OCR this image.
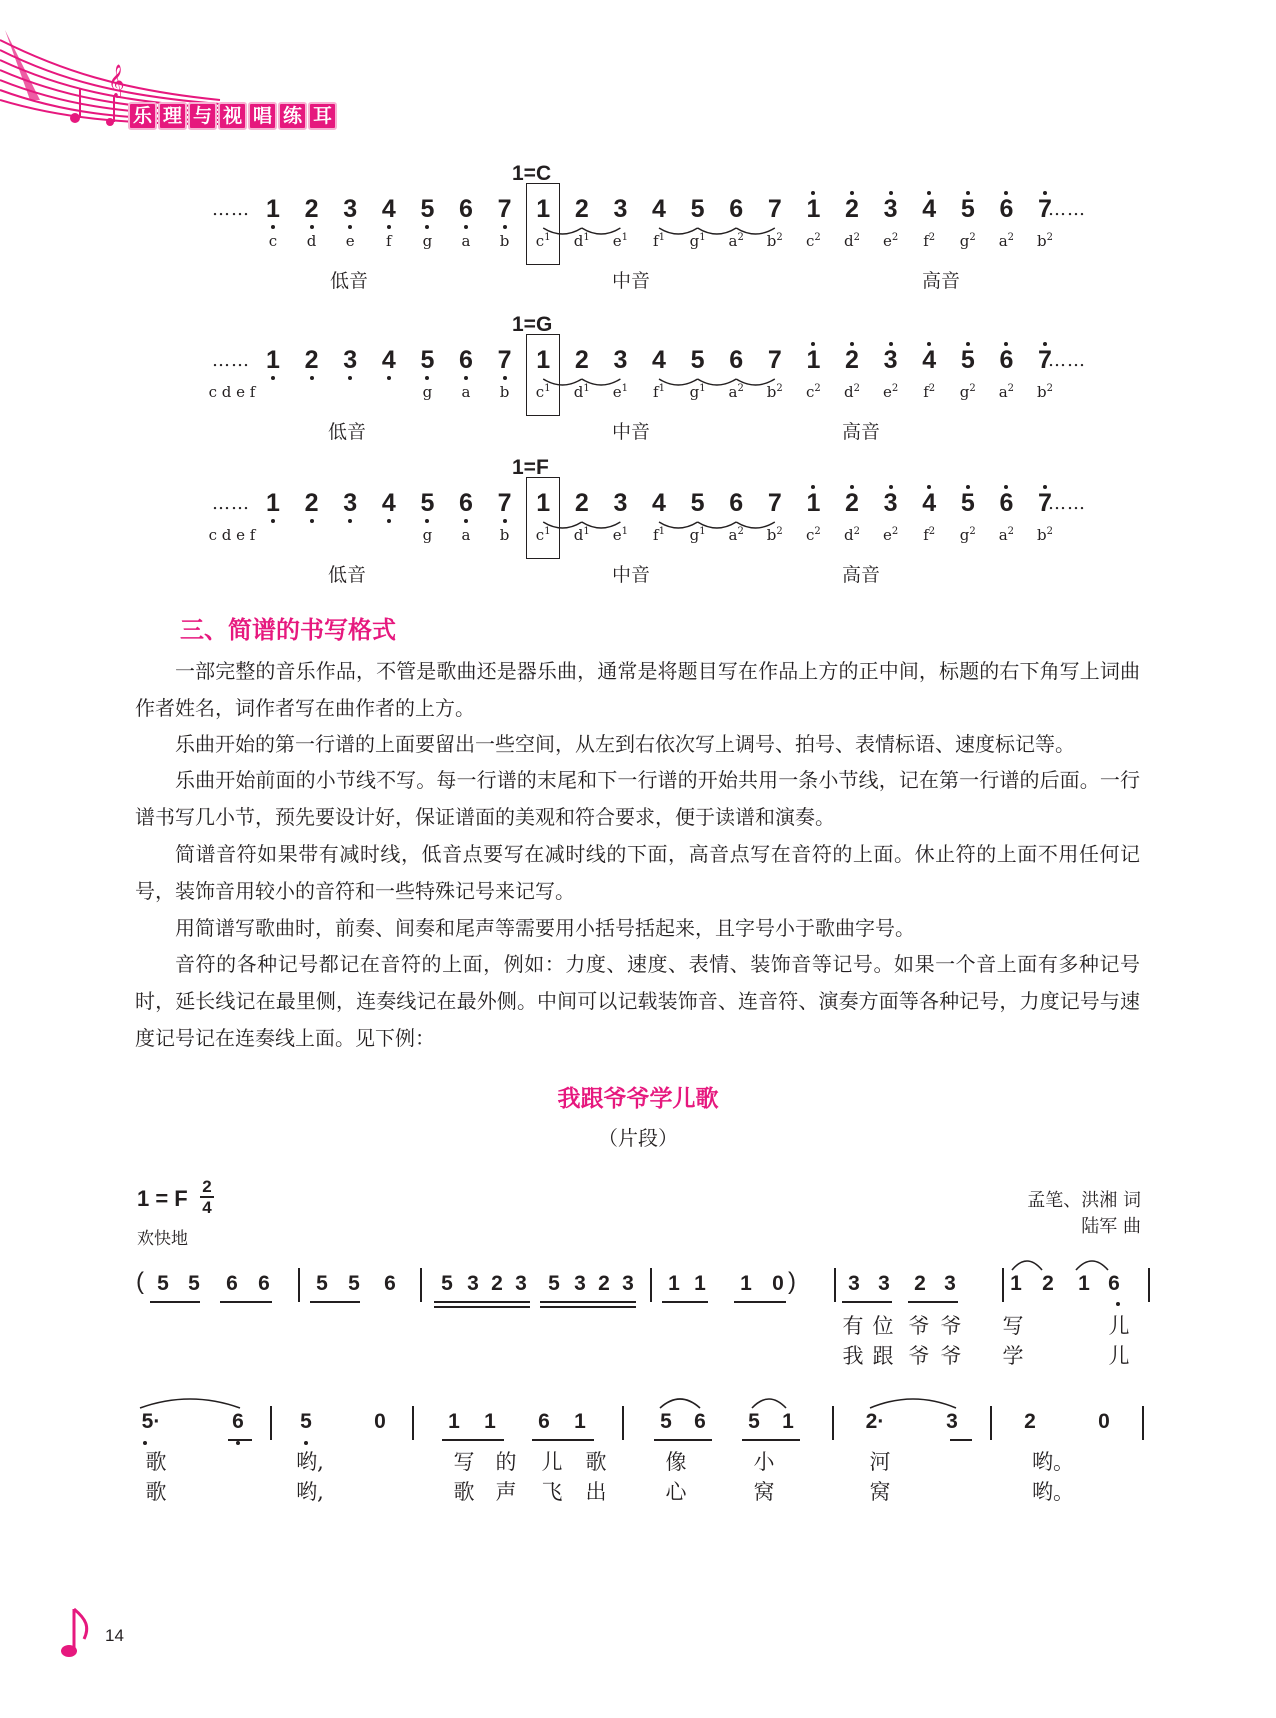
𝄞
乐 理 与 视 唱 练 耳
1=C
……	……
1 2 3 4 5 6 7 1 2 3 4 5 6 7 1 2 3 4 5 6 7
c	d	e	f	g	a	b	$c^1$	$d^1$	$e^1$	$f^1$	$g^1$	$a^2$	$b^2$	$c^2$	$d^2$	$e^2$	$f^2$	$g^2$	$a^2$	$b^2$
低音	中音	高音
1=G
……	……
1 2 3 4 5 6 7 1 2 3 4 5 6 7 1 2 3 4 5 6 7
c d e f	g	a	b	$c^1$	$d^1$	$e^1$	$f^1$	$g^1$	$a^2$	$b^2$	$c^2$	$d^2$	$e^2$	$f^2$	$g^2$	$a^2$	$b^2$
低音	中音	高音
1=F
……	……
1 2 3 4 5 6 7 1 2 3 4 5 6 7 1 2 3 4 5 6 7
c d e f	g	a	b	$c^1$	$d^1$	$e^1$	$f^1$	$g^1$	$a^2$	$b^2$	$c^2$	$d^2$	$e^2$	$f^2$	$g^2$	$a^2$	$b^2$
低音	中音	高音
三、简谱的书写格式

一部完整的音乐作品，不管是歌曲还是器乐曲，通常是将题目写在作品上方的正中间，标题的右下角写上词曲作者姓名，词作者写在曲作者的上方。

乐曲开始的第一行谱的上面要留出一些空间，从左到右依次写上调号、拍号、表情标语、速度标记等。

乐曲开始前面的小节线不写。每一行谱的末尾和下一行谱的开始共用一条小节线，记在第一行谱的后面。一行谱书写几小节，预先要设计好，保证谱面的美观和符合要求，便于读谱和演奏。

简谱音符如果带有减时线，低音点要写在减时线的下面，高音点写在音符的上面。休止符的上面不用任何记号，装饰音用较小的音符和一些特殊记号来记写。

用简谱写歌曲时，前奏、间奏和尾声等需要用小括号括起来，且字号小于歌曲字号。

音符的各种记号都记在音符的上面，例如：力度、速度、表情、装饰音等记号。如果一个音上面有多种记号时，延长线记在最里侧，连奏线记在最外侧。中间可以记载装饰音、连音符、演奏方面等各种记号，力度记号与速度记号记在连奏线上面。见下例：

我跟爷爷学儿歌
（片段）
1 = F 2
4
欢快地
孟笔、洪湘 词
陆军 曲
( 5 5 6 6 5 5 6 5 3 2 3 5 3 2 3 1 1 1 0	3 3 2 3	1 2 1 6
)
有 位 爷 爷 写	儿
我 跟 爷 爷 学	儿
5·	6	5	0	1 1 6 1	5 6 5 1	2·	3	2	0
歌	哟,	写	的	儿	歌	像	小	河	哟。
歌	哟,	歌	声	飞	出	心	窝	窝	哟。
14
